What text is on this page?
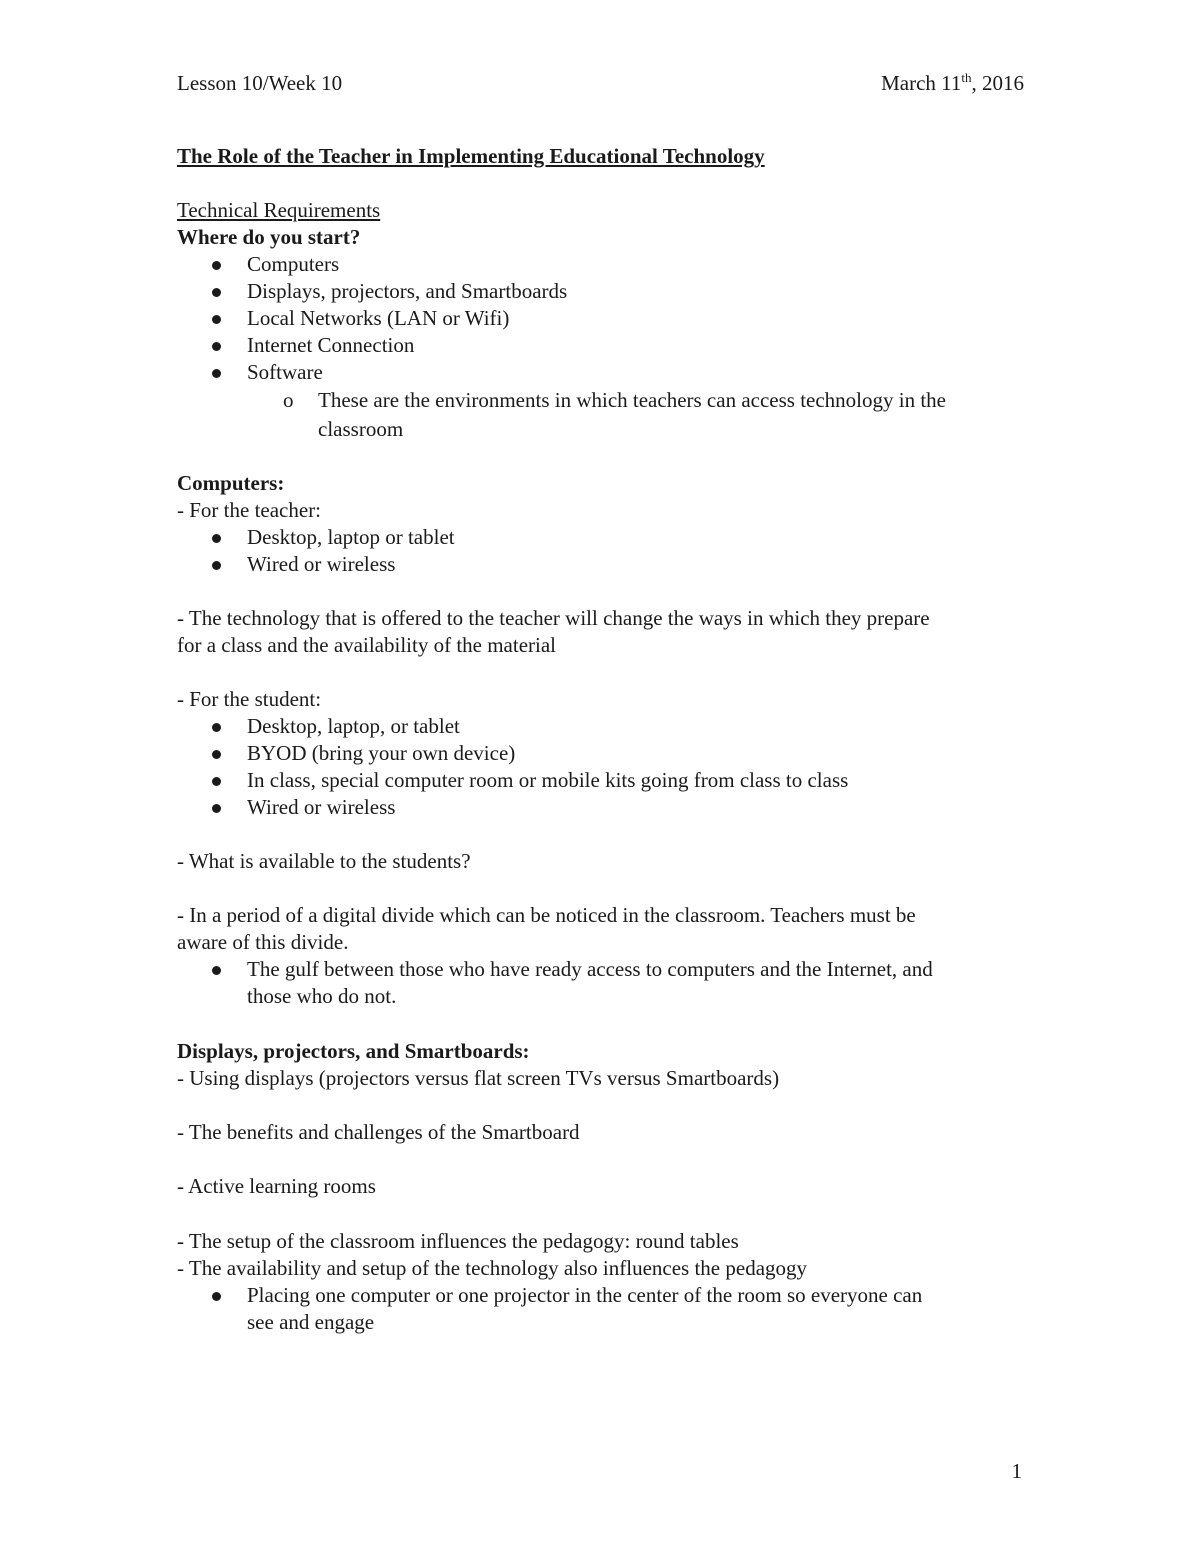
Lesson 10/Week 10	March 11th, 2016
The Role of the Teacher in Implementing Educational Technology
Technical Requirements
Where do you start?
Computers
Displays, projectors, and Smartboards
Local Networks (LAN or Wifi)
Internet Connection
Software
o These are the environments in which teachers can access technology in the
classroom
Computers:
- For the teacher:
Desktop, laptop or tablet
Wired or wireless
- The technology that is offered to the teacher will change the ways in which they prepare
for a class and the availability of the material
- For the student:
Desktop, laptop, or tablet
BYOD (bring your own device)
In class, special computer room or mobile kits going from class to class
Wired or wireless
- What is available to the students?
- In a period of a digital divide which can be noticed in the classroom. Teachers must be
aware of this divide.
The gulf between those who have ready access to computers and the Internet, and
those who do not.
Displays, projectors, and Smartboards:
- Using displays (projectors versus flat screen TVs versus Smartboards)
- The benefits and challenges of the Smartboard
- Active learning rooms
- The setup of the classroom influences the pedagogy: round tables
- The availability and setup of the technology also influences the pedagogy
Placing one computer or one projector in the center of the room so everyone can
see and engage
1
